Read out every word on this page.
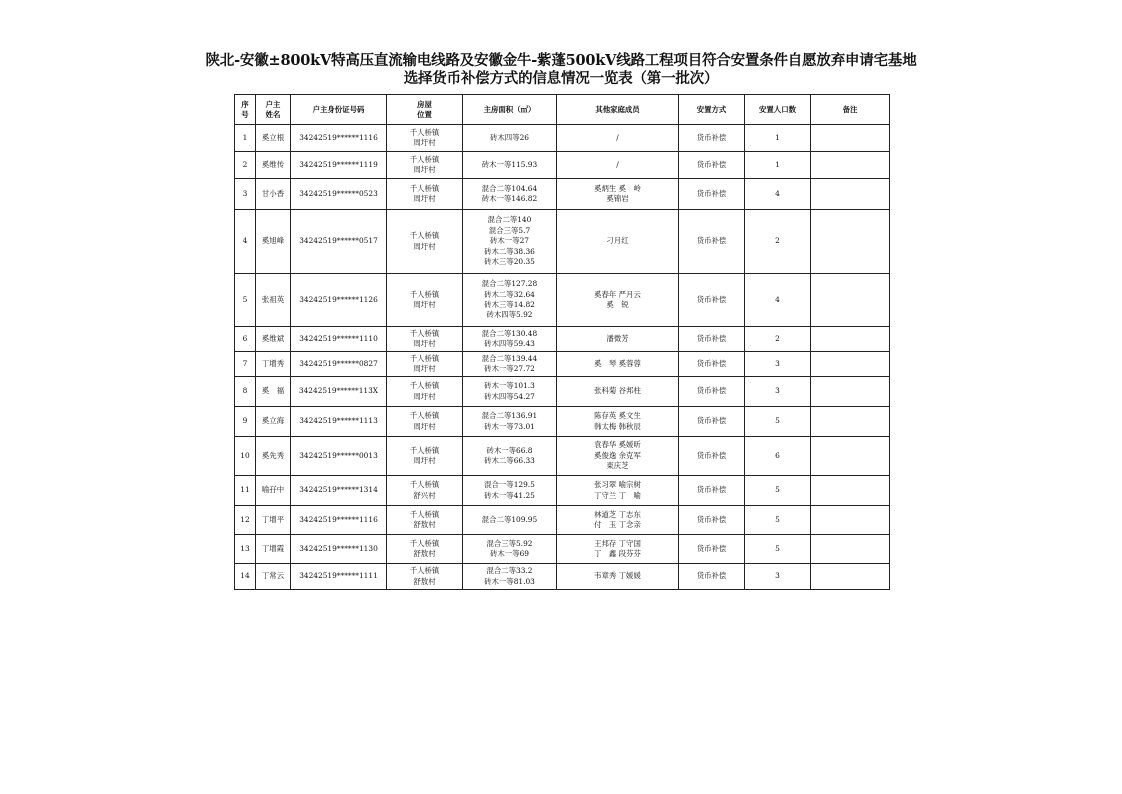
陕北-安徽±800kV特高压直流输电线路及安徽金牛-紫蓬500kV线路工程项目符合安置条件自愿放弃申请宅基地
选择货币补偿方式的信息情况一览表（第一批次）
序
号	户主
姓名	户主身份证号码	房屋
位置	主房面积（㎡）	其他家庭成员	安置方式	安置人口数	备注
1	奚立根	34242519******1116	千人桥镇
周圩村	砖木四等26	/	货币补偿	1	
2	奚维传	34242519******1119	千人桥镇
周圩村	砖木一等115.93	/	货币补偿	1	
3	甘小香	34242519******0523	千人桥镇
周圩村	混合二等104.64
砖木一等146.82	奚炳生 奚　岭
奚锦岩	货币补偿	4	
4	奚旭峰	34242519******0517	千人桥镇
周圩村	混合二等140
混合三等5.7
砖木一等27
砖木二等38.36
砖木三等20.35	刁月红	货币补偿	2	
5	张祖英	34242519******1126	千人桥镇
周圩村	混合二等127.28
砖木二等32.64
砖木三等14.82
砖木四等5.92	奚春年 严月云
奚　锐	货币补偿	4	
6	奚维斌	34242519******1110	千人桥镇
周圩村	混合二等130.48
砖木四等59.43	潘微芳	货币补偿	2	
7	丁增秀	34242519******0827	千人桥镇
周圩村	混合二等139.44
砖木一等27.72	奚　琴 奚蓉蓉	货币补偿	3	
8	奚　福	34242519******113X	千人桥镇
周圩村	砖木一等101.3
砖木四等54.27	张科菊 谷邦柱	货币补偿	3	
9	奚立海	34242519******1113	千人桥镇
周圩村	混合二等136.91
砖木一等73.01	陈存英 奚文生
韩太梅 韩秋辰	货币补偿	5	
10	奚先秀	34242519******0013	千人桥镇
周圩村	砖木一等66.8
砖木二等66.33	袁春华 奚媛昕
奚俊逸 余克军
東庆芝	货币补偿	6	
11	喻孖中	34242519******1314	千人桥镇
舒兴村	混合一等129.5
砖木一等41.25	张习翠 喻宗树
丁守兰 丁　喻	货币补偿	5	
12	丁增平	34242519******1116	千人桥镇
舒敖村	混合二等109.95	林道芝 丁志东
付　玉 丁念亲	货币补偿	5	
13	丁增霞	34242519******1130	千人桥镇
舒敖村	混合三等5.92
砖木一等69	王邦存 丁守国
丁　鑫 段芬芬	货币补偿	5	
14	丁常云	34242519******1111	千人桥镇
舒敖村	混合二等33.2
砖木一等81.03	韦章秀 丁媛媛	货币补偿	3	
